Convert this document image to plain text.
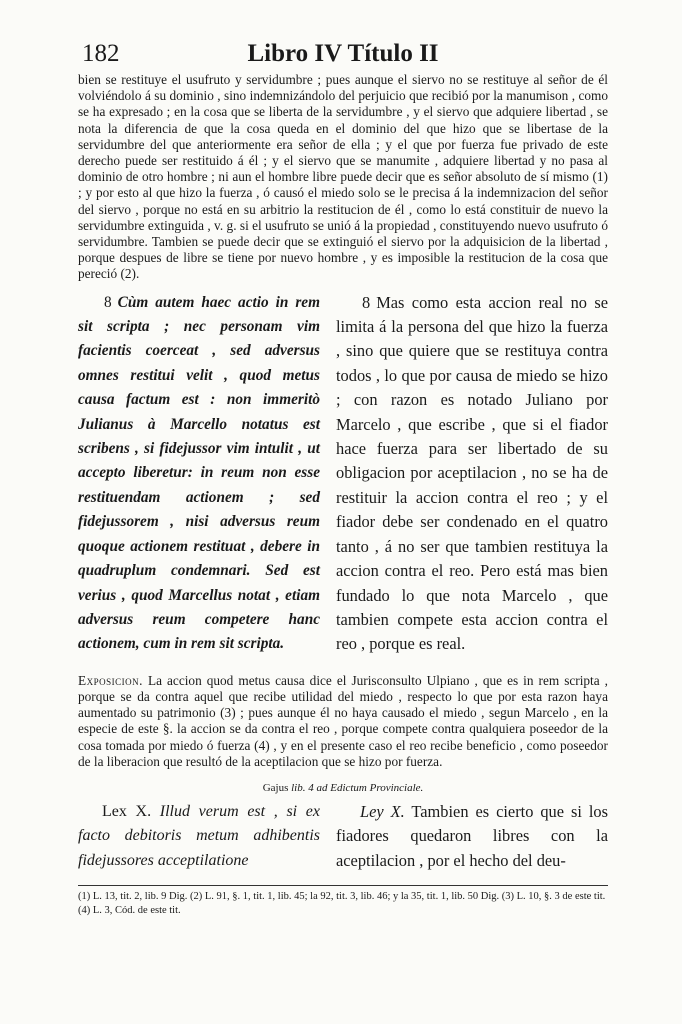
182	Libro IV Título II

bien se restituye el usufruto y servidumbre ; pues aunque el siervo no se restituye al señor de él volviéndolo á su dominio , sino indemnizándolo del perjuicio que recibió por la manumison , como se ha expresado ; en la cosa que se liberta de la servidumbre , y el siervo que adquiere libertad , se nota la diferencia de que la cosa queda en el dominio del que hizo que se libertase de la servidumbre del que anteriormente era señor de ella ; y el que por fuerza fue privado de este derecho puede ser restituido á él ; y el siervo que se manumite , adquiere libertad y no pasa al dominio de otro hombre ; ni aun el hombre libre puede decir que es señor absoluto de sí mismo (1) ; y por esto al que hizo la fuerza , ó causó el miedo solo se le precisa á la indemnizacion del señor del siervo , porque no está en su arbitrio la restitucion de él , como lo está constituir de nuevo la servidumbre extinguida , v. g. si el usufruto se unió á la propiedad , constituyendo nuevo usufruto ó servidumbre. Tambien se puede decir que se extinguió el siervo por la adquisicion de la libertad , porque despues de libre se tiene por nuevo hombre , y es imposible la restitucion de la cosa que pereció (2).

8 Cùm autem haec actio in rem sit scripta ; nec personam vim facientis coerceat , sed adversus omnes restitui velit , quod metus causa factum est : non immeritò Julianus à Marcello notatus est scribens , si fidejussor vim intulit , ut accepto liberetur: in reum non esse restituendam actionem ; sed fidejussorem , nisi adversus reum quoque actionem restituat , debere in quadruplum condemnari. Sed est verius , quod Marcellus notat , etiam adversus reum competere hanc actionem, cum in rem sit scripta.
8 Mas como esta accion real no se limita á la persona del que hizo la fuerza , sino que quiere que se restituya contra todos , lo que por causa de miedo se hizo ; con razon es notado Juliano por Marcelo , que escribe , que si el fiador hace fuerza para ser libertado de su obligacion por aceptilacion , no se ha de restituir la accion contra el reo ; y el fiador debe ser condenado en el quatro tanto , á no ser que tambien restituya la accion contra el reo. Pero está mas bien fundado lo que nota Marcelo , que tambien compete esta accion contra el reo , porque es real.

Exposicion. La accion quod metus causa dice el Jurisconsulto Ulpiano , que es in rem scripta , porque se da contra aquel que recibe utilidad del miedo , respecto lo que por esta razon haya aumentado su patrimonio (3) ; pues aunque él no haya causado el miedo , segun Marcelo , en la especie de este §. la accion se da contra el reo , porque compete contra qualquiera poseedor de la cosa tomada por miedo ó fuerza (4) , y en el presente caso el reo recibe beneficio , como poseedor de la liberacion que resultó de la aceptilacion que se hizo por fuerza.

Gajus lib. 4 ad Edictum Provinciale.
Lex X. Illud verum est , si ex facto debitoris metum adhibentis fidejussores acceptilatione
Ley X. Tambien es cierto que si los fiadores quedaron libres con la aceptilacion , por el hecho del deu-
(1) L. 13, tit. 2, lib. 9 Dig. (2) L. 91, §. 1, tit. 1, lib. 45; la 92, tit. 3, lib. 46; y la 35, tit. 1, lib. 50 Dig. (3) L. 10, §. 3 de este tit. (4) L. 3, Cód. de este tit.
